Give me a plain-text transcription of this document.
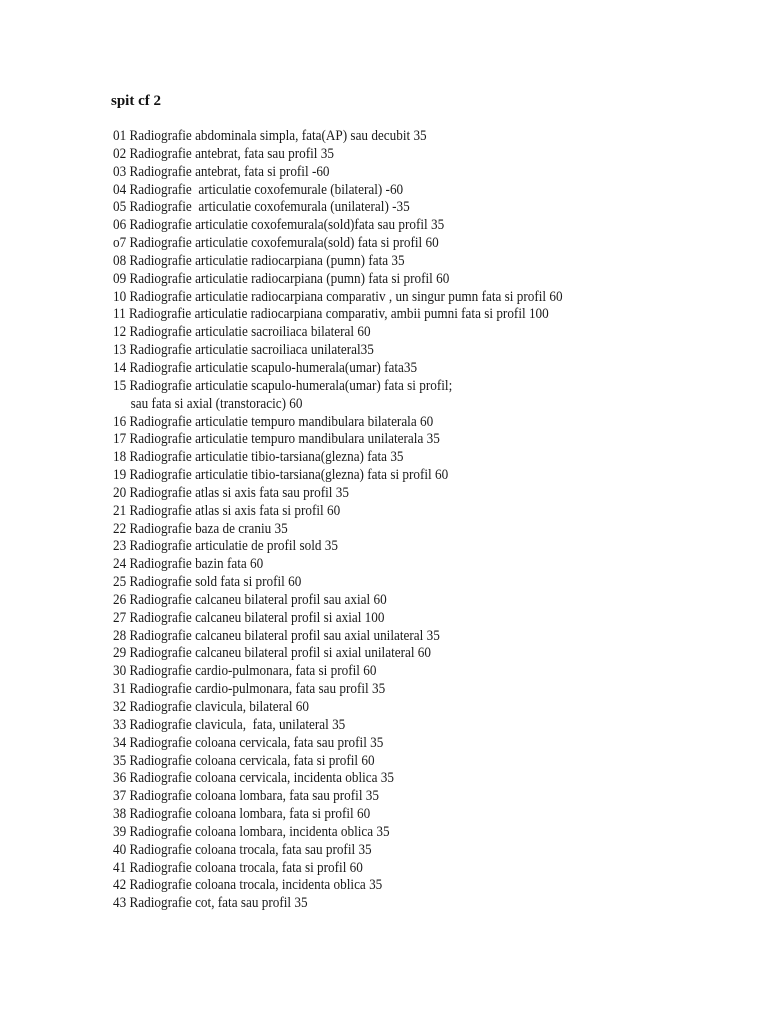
spit cf 2
01 Radiografie abdominala simpla, fata(AP) sau decubit 35
02 Radiografie antebrat, fata sau profil 35
03 Radiografie antebrat, fata si profil -60
04 Radiografie  articulatie coxofemurale (bilateral) -60
05 Radiografie  articulatie coxofemurala (unilateral) -35
06 Radiografie articulatie coxofemurala(sold)fata sau profil 35
o7 Radiografie articulatie coxofemurala(sold) fata si profil 60
08 Radiografie articulatie radiocarpiana (pumn) fata 35
09 Radiografie articulatie radiocarpiana (pumn) fata si profil 60
10 Radiografie articulatie radiocarpiana comparativ , un singur pumn fata si profil 60
11 Radiografie articulatie radiocarpiana comparativ, ambii pumni fata si profil 100
12 Radiografie articulatie sacroiliaca bilateral 60
13 Radiografie articulatie sacroiliaca unilateral35
14 Radiografie articulatie scapulo-humerala(umar) fata35
15 Radiografie articulatie scapulo-humerala(umar) fata si profil;
sau fata si axial (transtoracic) 60
16 Radiografie articulatie tempuro mandibulara bilaterala 60
17 Radiografie articulatie tempuro mandibulara unilaterala 35
18 Radiografie articulatie tibio-tarsiana(glezna) fata 35
19 Radiografie articulatie tibio-tarsiana(glezna) fata si profil 60
20 Radiografie atlas si axis fata sau profil 35
21 Radiografie atlas si axis fata si profil 60
22 Radiografie baza de craniu 35
23 Radiografie articulatie de profil sold 35
24 Radiografie bazin fata 60
25 Radiografie sold fata si profil 60
26 Radiografie calcaneu bilateral profil sau axial 60
27 Radiografie calcaneu bilateral profil si axial 100
28 Radiografie calcaneu bilateral profil sau axial unilateral 35
29 Radiografie calcaneu bilateral profil si axial unilateral 60
30 Radiografie cardio-pulmonara, fata si profil 60
31 Radiografie cardio-pulmonara, fata sau profil 35
32 Radiografie clavicula, bilateral 60
33 Radiografie clavicula,  fata, unilateral 35
34 Radiografie coloana cervicala, fata sau profil 35
35 Radiografie coloana cervicala, fata si profil 60
36 Radiografie coloana cervicala, incidenta oblica 35
37 Radiografie coloana lombara, fata sau profil 35
38 Radiografie coloana lombara, fata si profil 60
39 Radiografie coloana lombara, incidenta oblica 35
40 Radiografie coloana trocala, fata sau profil 35
41 Radiografie coloana trocala, fata si profil 60
42 Radiografie coloana trocala, incidenta oblica 35
43 Radiografie cot, fata sau profil 35
